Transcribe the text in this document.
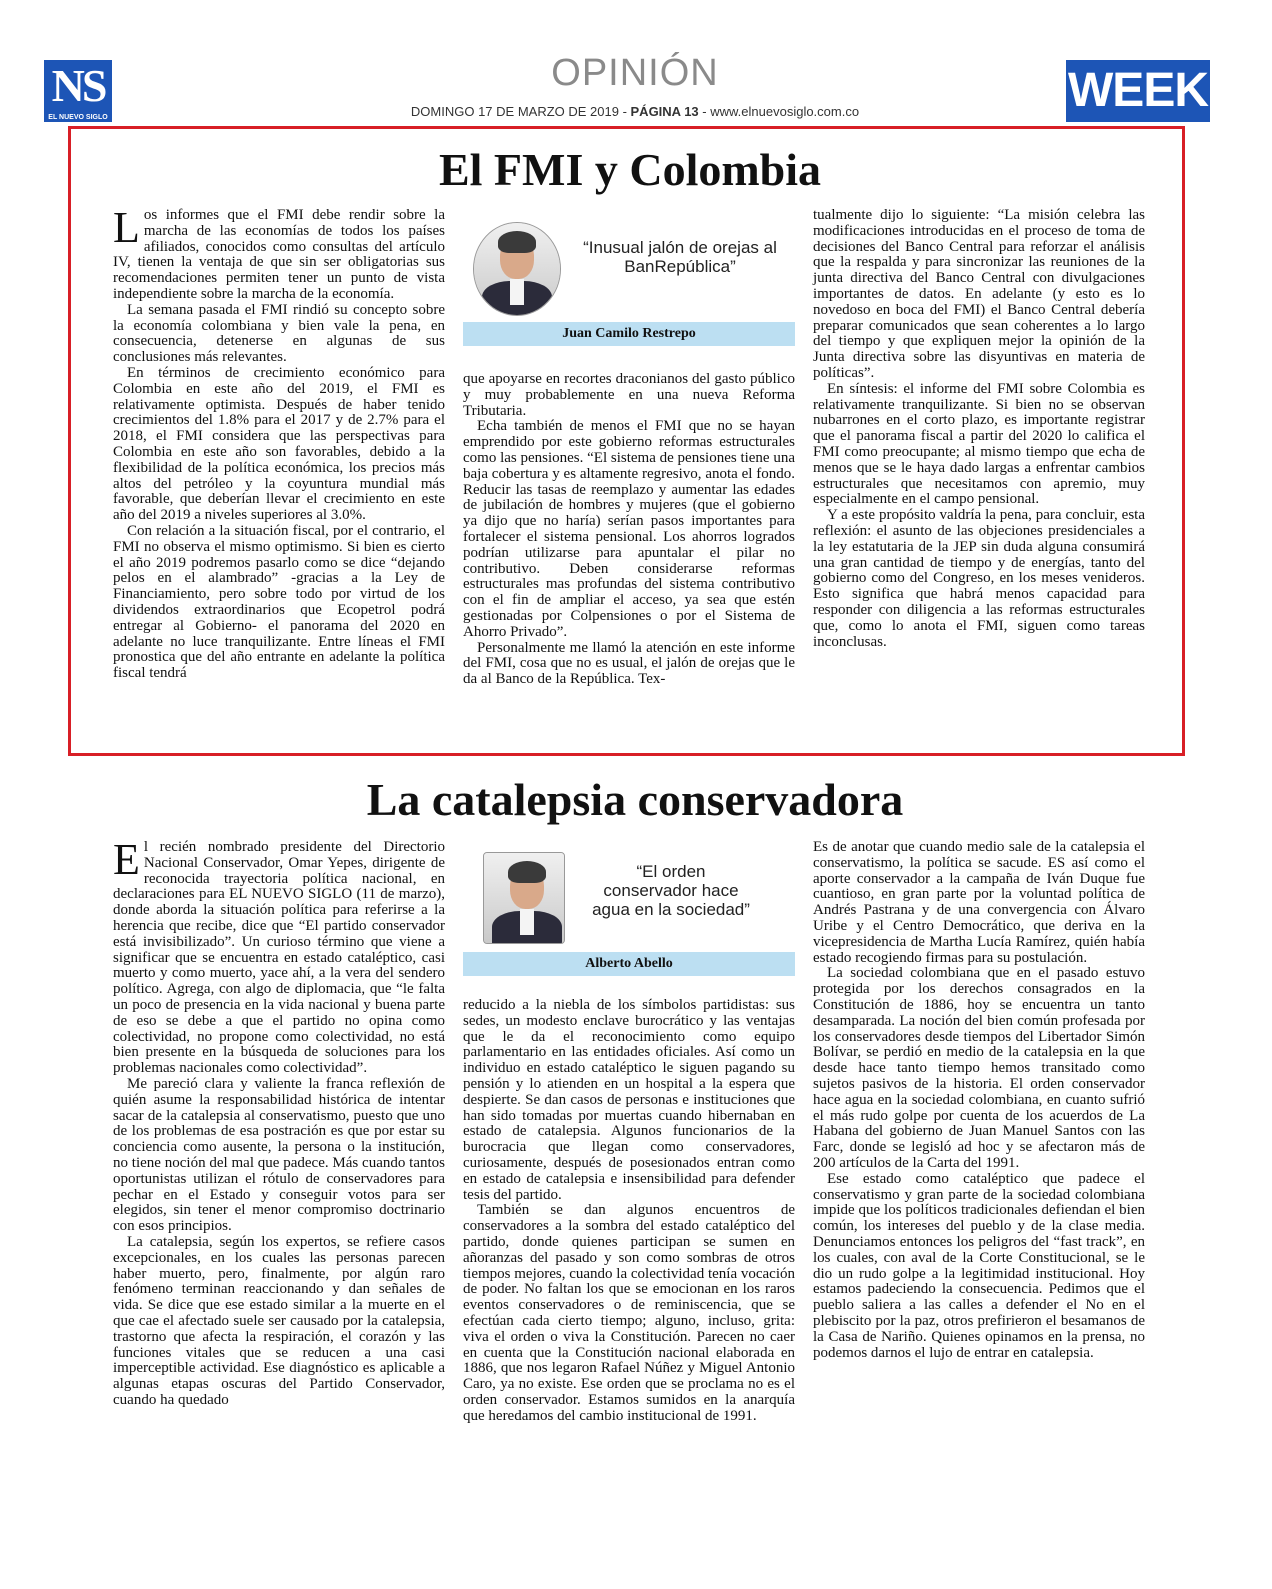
NS
EL NUEVO SIGLO
OPINIÓN
DOMINGO 17 DE MARZO DE 2019 - PÁGINA 13 - www.elnuevosiglo.com.co	WEEK
El FMI y Colombia

Los informes que el FMI debe rendir sobre la marcha de las economías de todos los países afiliados, conocidos como consultas del artículo IV, tienen la ventaja de que sin ser obligatorias sus recomendaciones permiten tener un punto de vista independiente sobre la marcha de la economía.

La semana pasada el FMI rindió su concepto sobre la economía colombiana y bien vale la pena, en consecuencia, detenerse en algunas de sus conclusiones más relevantes.

En términos de crecimiento económico para Colombia en este año del 2019, el FMI es relativamente optimista. Después de haber tenido crecimientos del 1.8% para el 2017 y de 2.7% para el 2018, el FMI considera que las perspectivas para Colombia en este año son favorables, debido a la flexibilidad de la política económica, los precios más altos del petróleo y la coyuntura mundial más favorable, que deberían llevar el crecimiento en este año del 2019 a niveles superiores al 3.0%.

Con relación a la situación fiscal, por el contrario, el FMI no observa el mismo optimismo. Si bien es cierto el año 2019 podremos pasarlo como se dice “dejando pelos en el alambrado” -gracias a la Ley de Financiamiento, pero sobre todo por virtud de los dividendos extraordinarios que Ecopetrol podrá entregar al Gobierno- el panorama del 2020 en adelante no luce tranquilizante. Entre líneas el FMI pronostica que del año entrante en adelante la política fiscal tendrá

“Inusual jalón de orejas al BanRepública”
Juan Camilo Restrepo

que apoyarse en recortes draconianos del gasto público y muy probablemente en una nueva Reforma Tributaria.

Echa también de menos el FMI que no se hayan emprendido por este gobierno reformas estructurales como las pensiones. “El sistema de pensiones tiene una baja cobertura y es altamente regresivo, anota el fondo. Reducir las tasas de reemplazo y aumentar las edades de jubilación de hombres y mujeres (que el gobierno ya dijo que no haría) serían pasos importantes para fortalecer el sistema pensional. Los ahorros logrados podrían utilizarse para apuntalar el pilar no contributivo. Deben considerarse reformas estructurales mas profundas del sistema contributivo con el fin de ampliar el acceso, ya sea que estén gestionadas por Colpensiones o por el Sistema de Ahorro Privado”.

Personalmente me llamó la atención en este informe del FMI, cosa que no es usual, el jalón de orejas que le da al Banco de la República. Tex-

tualmente dijo lo siguiente: “La misión celebra las modificaciones introducidas en el proceso de toma de decisiones del Banco Central para reforzar el análisis que la respalda y para sincronizar las reuniones de la junta directiva del Banco Central con divulgaciones importantes de datos. En adelante (y esto es lo novedoso en boca del FMI) el Banco Central debería preparar comunicados que sean coherentes a lo largo del tiempo y que expliquen mejor la opinión de la Junta directiva sobre las disyuntivas en materia de políticas”.

En síntesis: el informe del FMI sobre Colombia es relativamente tranquilizante. Si bien no se observan nubarrones en el corto plazo, es importante registrar que el panorama fiscal a partir del 2020 lo califica el FMI como preocupante; al mismo tiempo que echa de menos que se le haya dado largas a enfrentar cambios estructurales que necesitamos con apremio, muy especialmente en el campo pensional.

Y a este propósito valdría la pena, para concluir, esta reflexión: el asunto de las objeciones presidenciales a la ley estatutaria de la JEP sin duda alguna consumirá una gran cantidad de tiempo y de energías, tanto del gobierno como del Congreso, en los meses venideros. Esto significa que habrá menos capacidad para responder con diligencia a las reformas estructurales que, como lo anota el FMI, siguen como tareas inconclusas.

La catalepsia conservadora

El recién nombrado presidente del Directorio Nacional Conservador, Omar Yepes, dirigente de reconocida trayectoria política nacional, en declaraciones para EL NUEVO SIGLO (11 de marzo), donde aborda la situación política para referirse a la herencia que recibe, dice que “El partido conservador está invisibilizado”. Un curioso término que viene a significar que se encuentra en estado cataléptico, casi muerto y como muerto, yace ahí, a la vera del sendero político. Agrega, con algo de diplomacia, que “le falta un poco de presencia en la vida nacional y buena parte de eso se debe a que el partido no opina como colectividad, no propone como colectividad, no está bien presente en la búsqueda de soluciones para los problemas nacionales como colectividad”.

Me pareció clara y valiente la franca reflexión de quién asume la responsabilidad histórica de intentar sacar de la catalepsia al conservatismo, puesto que uno de los problemas de esa postración es que por estar su conciencia como ausente, la persona o la institución, no tiene noción del mal que padece. Más cuando tantos oportunistas utilizan el rótulo de conservadores para pechar en el Estado y conseguir votos para ser elegidos, sin tener el menor compromiso doctrinario con esos principios.

La catalepsia, según los expertos, se refiere casos excepcionales, en los cuales las personas parecen haber muerto, pero, finalmente, por algún raro fenómeno terminan reaccionando y dan señales de vida. Se dice que ese estado similar a la muerte en el que cae el afectado suele ser causado por la catalepsia, trastorno que afecta la respiración, el corazón y las funciones vitales que se reducen a una casi imperceptible actividad. Ese diagnóstico es aplicable a algunas etapas oscuras del Partido Conservador, cuando ha quedado

“El orden conservador hace agua en la sociedad”
Alberto Abello

reducido a la niebla de los símbolos partidistas: sus sedes, un modesto enclave burocrático y las ventajas que le da el reconocimiento como equipo parlamentario en las entidades oficiales. Así como un individuo en estado cataléptico le siguen pagando su pensión y lo atienden en un hospital a la espera que despierte. Se dan casos de personas e instituciones que han sido tomadas por muertas cuando hibernaban en estado de catalepsia. Algunos funcionarios de la burocracia que llegan como conservadores, curiosamente, después de posesionados entran como en estado de catalepsia e insensibilidad para defender tesis del partido.

También se dan algunos encuentros de conservadores a la sombra del estado cataléptico del partido, donde quienes participan se sumen en añoranzas del pasado y son como sombras de otros tiempos mejores, cuando la colectividad tenía vocación de poder. No faltan los que se emocionan en los raros eventos conservadores o de reminiscencia, que se efectúan cada cierto tiempo; alguno, incluso, grita: viva el orden o viva la Constitución. Parecen no caer en cuenta que la Constitución nacional elaborada en 1886, que nos legaron Rafael Núñez y Miguel Antonio Caro, ya no existe. Ese orden que se proclama no es el orden conservador. Estamos sumidos en la anarquía que heredamos del cambio institucional de 1991.

Es de anotar que cuando medio sale de la catalepsia el conservatismo, la política se sacude. ES así como el aporte conservador a la campaña de Iván Duque fue cuantioso, en gran parte por la voluntad política de Andrés Pastrana y de una convergencia con Álvaro Uribe y el Centro Democrático, que deriva en la vicepresidencia de Martha Lucía Ramírez, quién había estado recogiendo firmas para su postulación.

La sociedad colombiana que en el pasado estuvo protegida por los derechos consagrados en la Constitución de 1886, hoy se encuentra un tanto desamparada. La noción del bien común profesada por los conservadores desde tiempos del Libertador Simón Bolívar, se perdió en medio de la catalepsia en la que desde hace tanto tiempo hemos transitado como sujetos pasivos de la historia. El orden conservador hace agua en la sociedad colombiana, en cuanto sufrió el más rudo golpe por cuenta de los acuerdos de La Habana del gobierno de Juan Manuel Santos con las Farc, donde se legisló ad hoc y se afectaron más de 200 artículos de la Carta del 1991.

Ese estado como cataléptico que padece el conservatismo y gran parte de la sociedad colombiana impide que los políticos tradicionales defiendan el bien común, los intereses del pueblo y de la clase media. Denunciamos entonces los peligros del “fast track”, en los cuales, con aval de la Corte Constitucional, se le dio un rudo golpe a la legitimidad institucional. Hoy estamos padeciendo la consecuencia. Pedimos que el pueblo saliera a las calles a defender el No en el plebiscito por la paz, otros prefirieron el besamanos de la Casa de Nariño. Quienes opinamos en la prensa, no podemos darnos el lujo de entrar en catalepsia.
